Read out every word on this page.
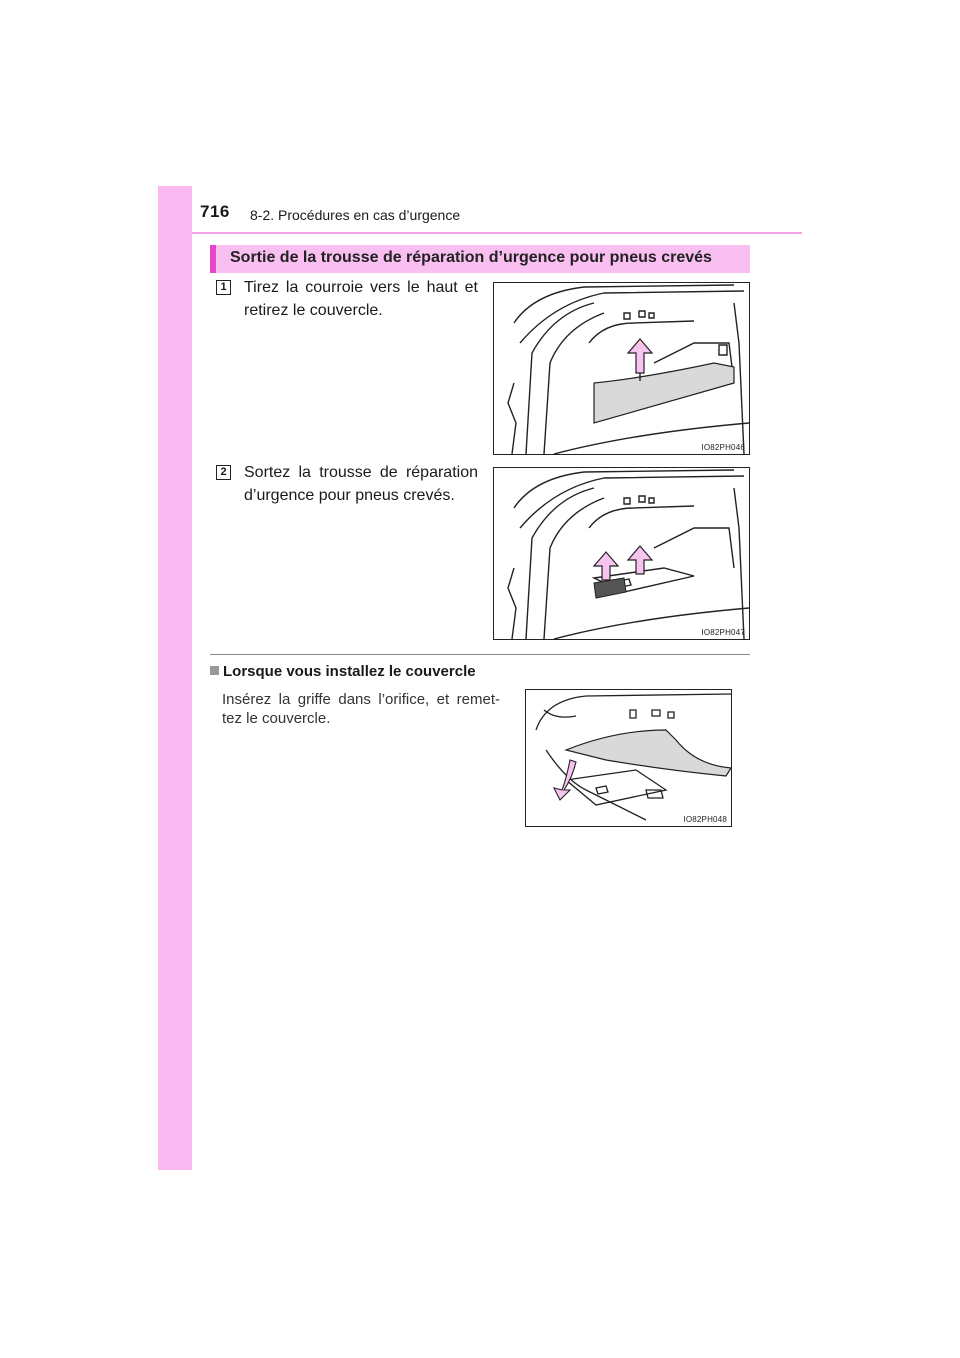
716 8-2. Procédures en cas d’urgence
Sortie de la trousse de réparation d’urgence pour pneus crevés
1 Tirez la courroie vers le haut et retirez le couvercle.
IO82PH046
2 Sortez la trousse de réparation d’urgence pour pneus crevés.
IO82PH047
Lorsque vous installez le couvercle
Insérez la griffe dans l’orifice, et remet-tez le couvercle.
IO82PH048
